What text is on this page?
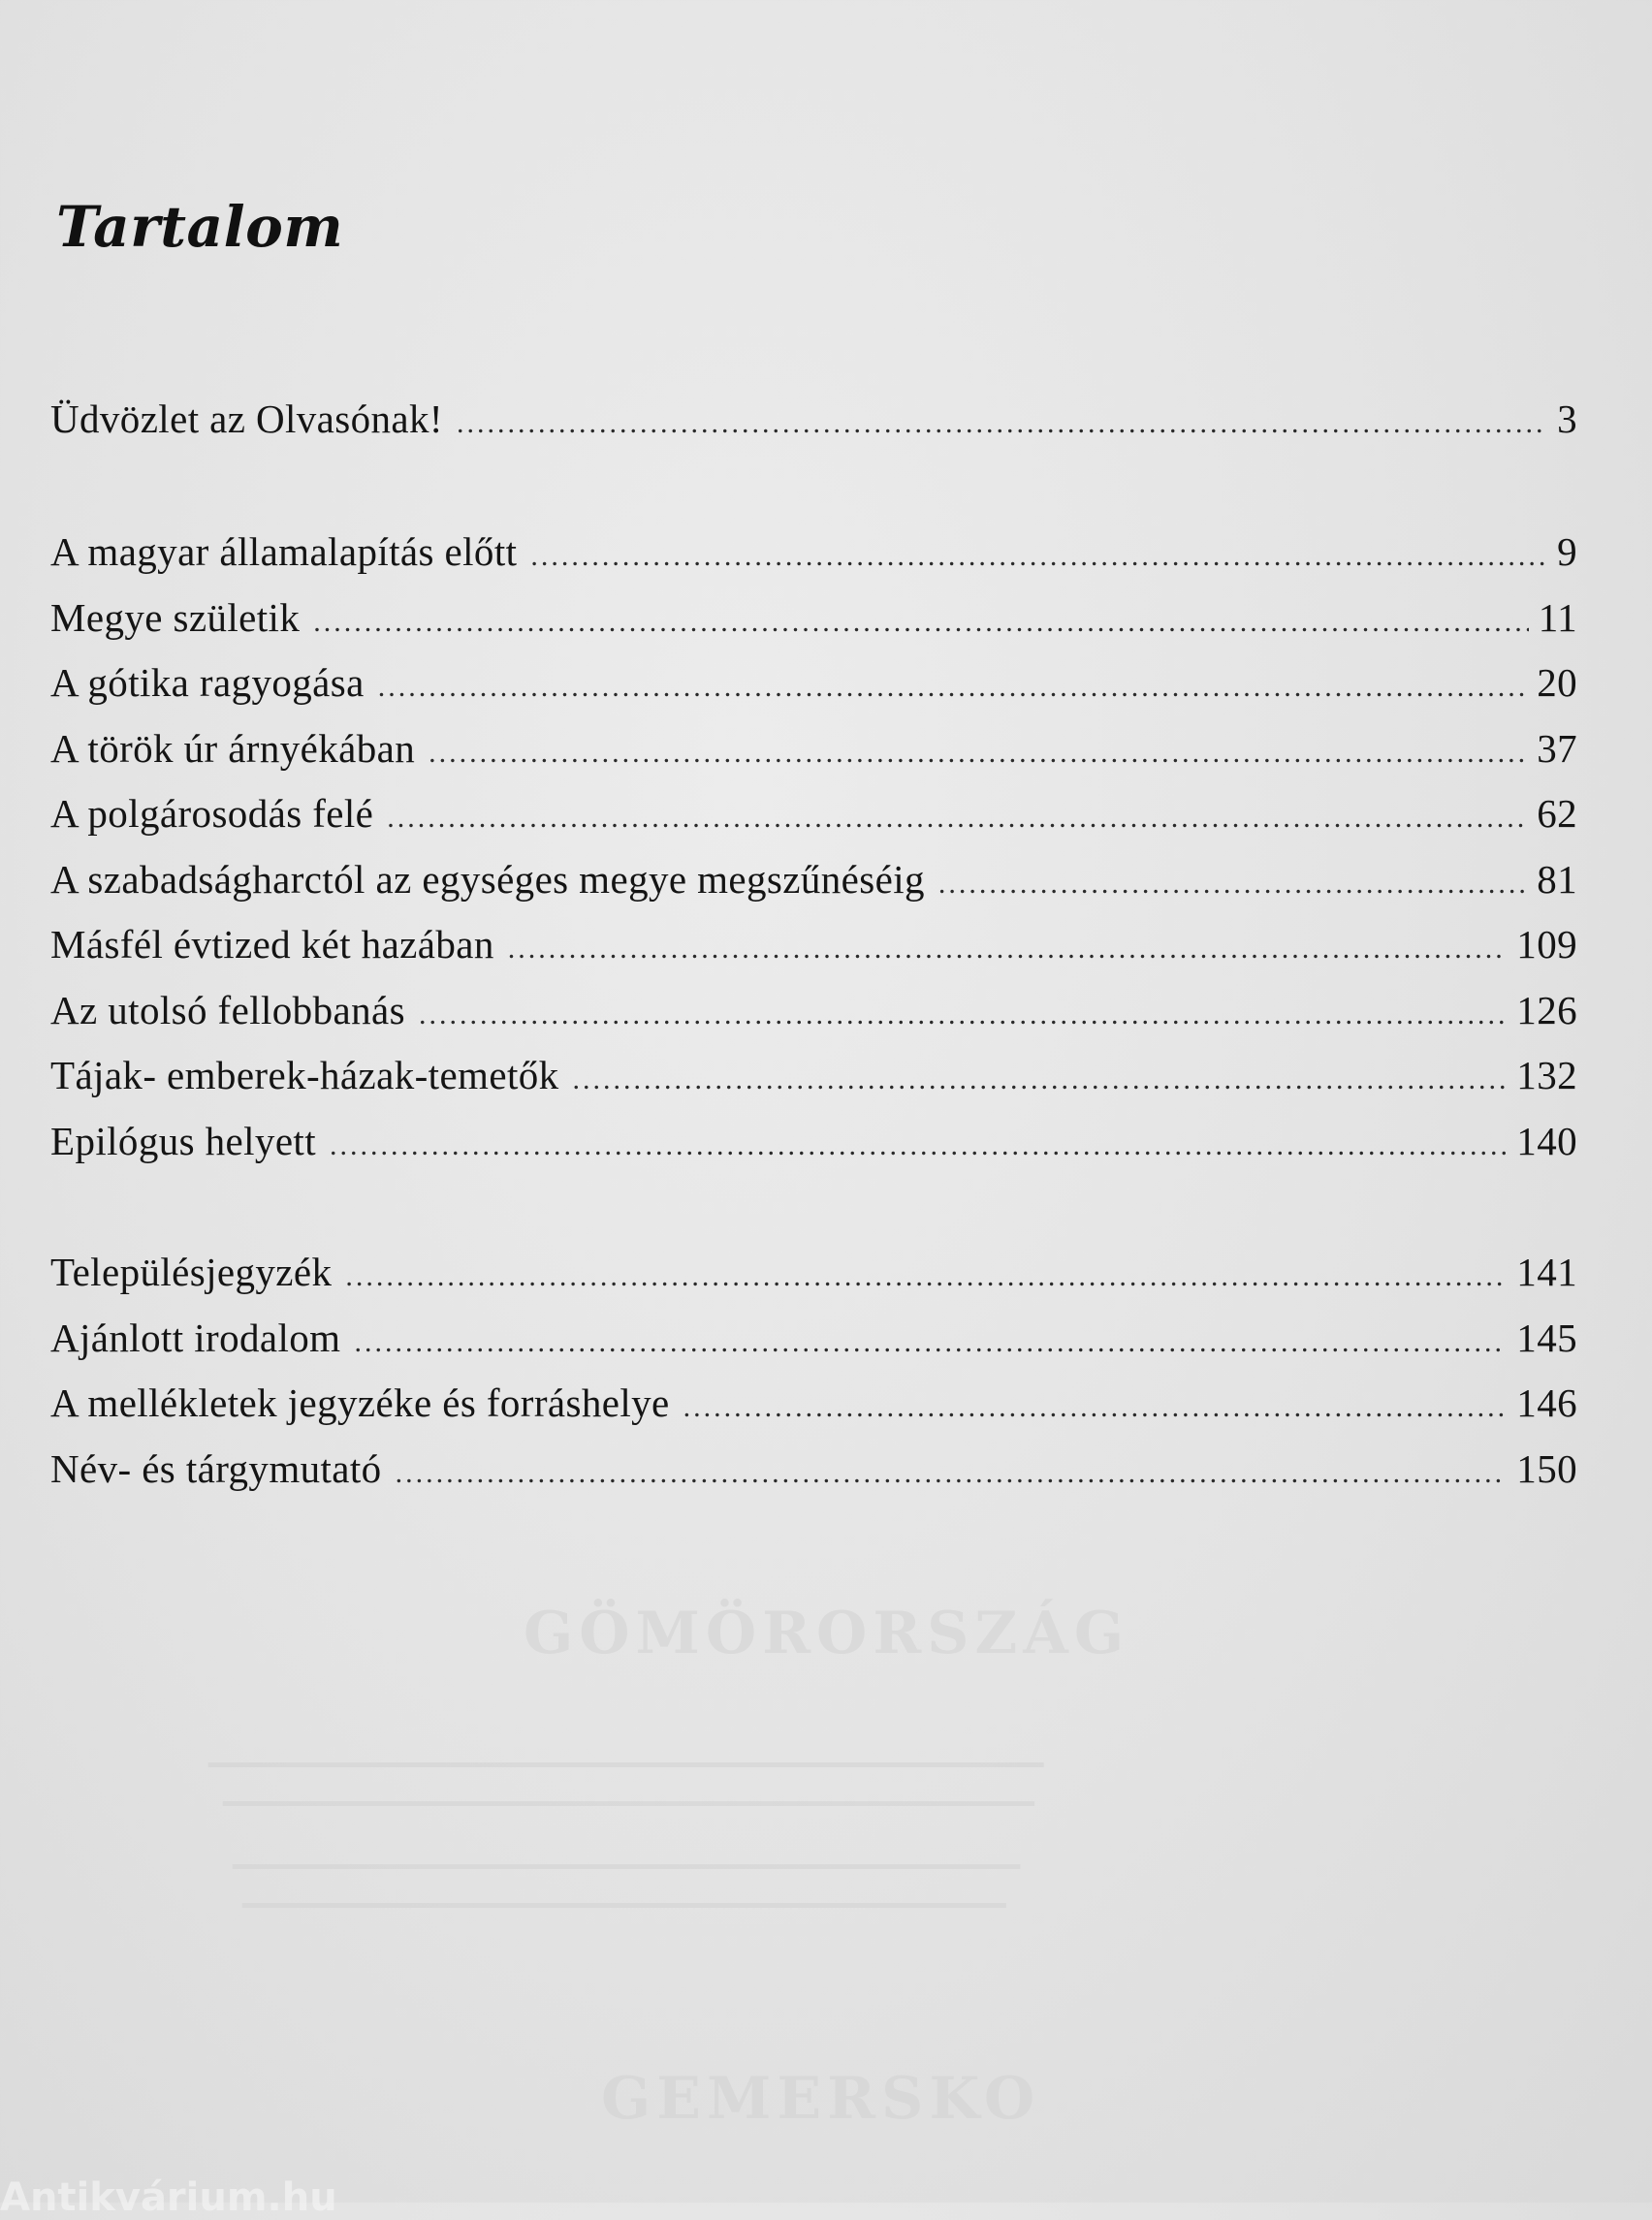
Tartalom
Üdvözlet az Olvasónak! .....	3
A magyar államalapítás előtt .....	9
Megye születik .....	11
A gótika ragyogása .....	20
A török úr árnyékában .....	37
A polgárosodás felé .....	62
A szabadságharctól az egységes megye megszűnéséig .....	81
Másfél évtized két hazában .....	109
Az utolsó fellobbanás .....	126
Tájak- emberek-házak-temetők .....	132
Epilógus helyett .....	140
Településjegyzék .....	141
Ajánlott irodalom .....	145
A mellékletek jegyzéke és forráshelye .....	146
Név- és tárgymutató .....	150
GÖMÖRORSZÁG
▁▁▁▁▁▁▁▁▁▁▁▁▁▁▁▁▁▁▁▁▁▁▁▁▁▁▁▁▁▁▁▁▁▁▁
▁▁▁▁▁▁▁▁▁▁▁▁▁▁▁▁▁▁▁▁▁▁▁▁▁▁▁▁▁▁▁▁▁▁
▁▁▁▁▁▁▁▁▁▁▁▁▁▁▁▁▁▁▁▁▁▁▁▁▁▁▁▁▁▁▁▁▁
▁▁▁▁▁▁▁▁▁▁▁▁▁▁▁▁▁▁▁▁▁▁▁▁▁▁▁▁▁▁▁▁
GEMERSKO
Antikvárium.hu
